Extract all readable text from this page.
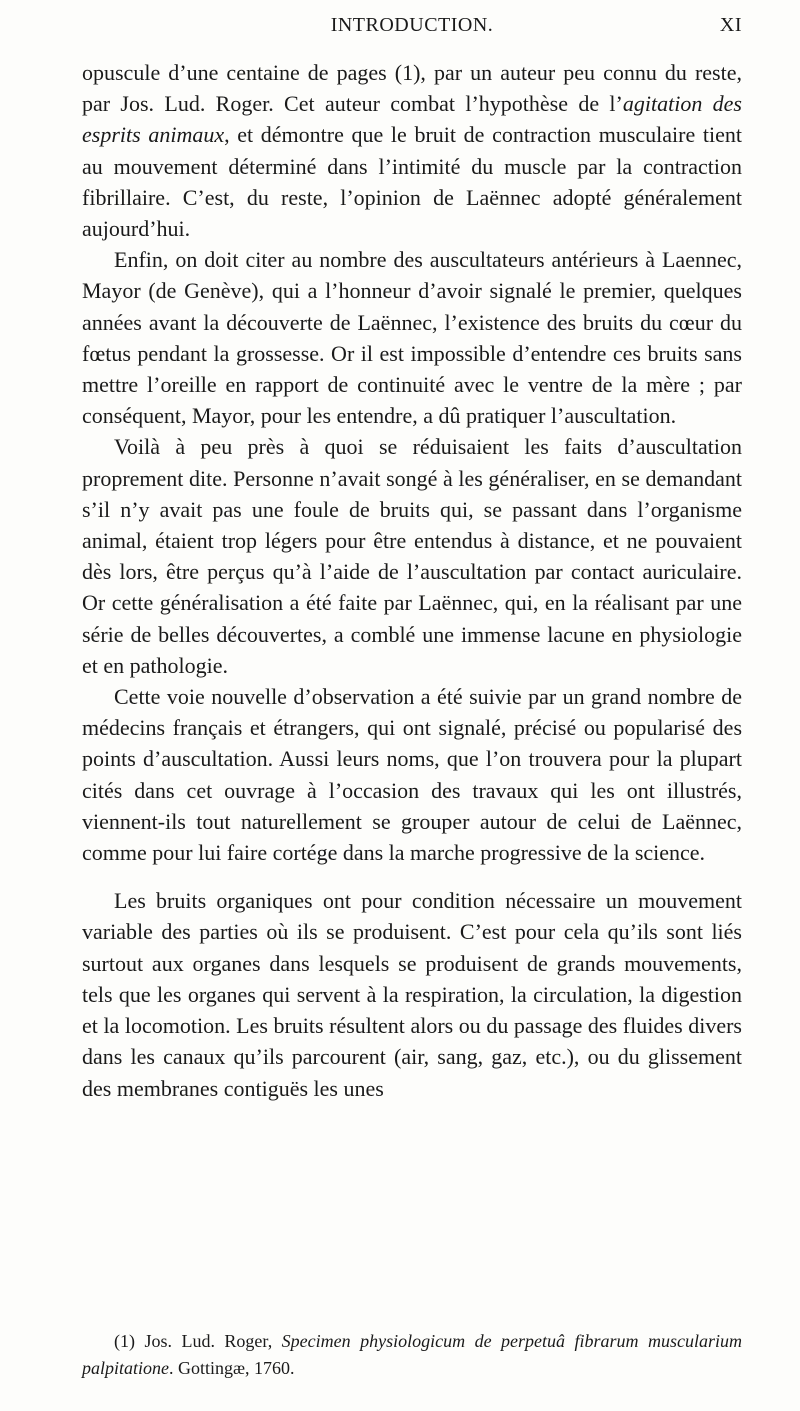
INTRODUCTION.	XI

opuscule d’une centaine de pages (1), par un auteur peu connu du reste, par Jos. Lud. Roger. Cet auteur combat l’hypothèse de l’agitation des esprits animaux, et démontre que le bruit de contraction musculaire tient au mouvement déterminé dans l’intimité du muscle par la contraction fibrillaire. C’est, du reste, l’opinion de Laënnec adopté généralement aujourd’hui.

Enfin, on doit citer au nombre des auscultateurs antérieurs à Laennec, Mayor (de Genève), qui a l’honneur d’avoir signalé le premier, quelques années avant la découverte de Laënnec, l’existence des bruits du cœur du fœtus pendant la grossesse. Or il est impossible d’entendre ces bruits sans mettre l’oreille en rapport de continuité avec le ventre de la mère ; par conséquent, Mayor, pour les entendre, a dû pratiquer l’auscultation.

Voilà à peu près à quoi se réduisaient les faits d’auscultation proprement dite. Personne n’avait songé à les généraliser, en se demandant s’il n’y avait pas une foule de bruits qui, se passant dans l’organisme animal, étaient trop légers pour être entendus à distance, et ne pouvaient dès lors, être perçus qu’à l’aide de l’auscultation par contact auriculaire. Or cette généralisation a été faite par Laënnec, qui, en la réalisant par une série de belles découvertes, a comblé une immense lacune en physiologie et en pathologie.

Cette voie nouvelle d’observation a été suivie par un grand nombre de médecins français et étrangers, qui ont signalé, précisé ou popularisé des points d’auscultation. Aussi leurs noms, que l’on trouvera pour la plupart cités dans cet ouvrage à l’occasion des travaux qui les ont illustrés, viennent-ils tout naturellement se grouper autour de celui de Laënnec, comme pour lui faire cortége dans la marche progressive de la science.

Les bruits organiques ont pour condition nécessaire un mouvement variable des parties où ils se produisent. C’est pour cela qu’ils sont liés surtout aux organes dans lesquels se produisent de grands mouvements, tels que les organes qui servent à la respiration, la circulation, la digestion et la locomotion. Les bruits résultent alors ou du passage des fluides divers dans les canaux qu’ils parcourent (air, sang, gaz, etc.), ou du glissement des membranes contiguës les unes

(1) Jos. Lud. Roger, Specimen physiologicum de perpetuâ fibrarum muscularium palpitatione. Gottingæ, 1760.
